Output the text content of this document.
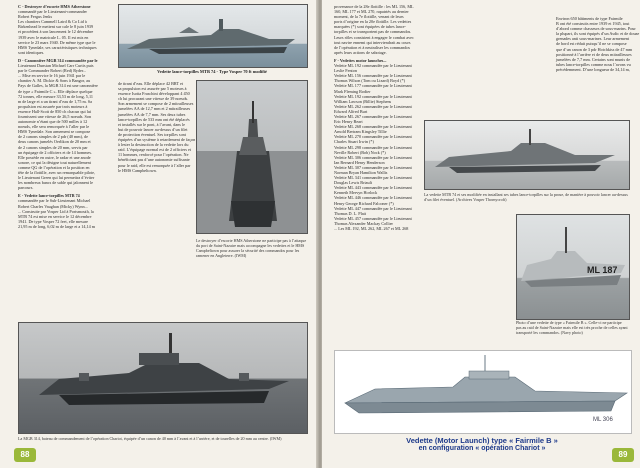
C - Destroyer d’escorte HMS Atherstone
commandé par le Lieutenant-commander
Robert Fergus Jenks
Les chantiers Cammell Laird & Co Ltd à
Birkenhead le mettent sur cale le 8 juin 1939
et procèdent à son lancement le 12 décembre
1939 avec le matricule L. 05. Il est mis en
service le 23 mars 1940. De même type que le
HMS Tynedale, ses caractéristiques techniques
sont identiques.

D - Canonnière MGB 314 commandée par le
Lieutenant Dunstan Michael Carr Curtis puis
par le Commander Robert (Red) Ryder...
... Mise en service le 16 juin 1941 par le
chantier A. M. Dickie & Sons à Bangor, au
Pays de Galles, la MGB 314 est une canonnière
de type « Fairmile C ». Elle déplace quelque
72 tonnes, elle mesure 33,53 m de long, 5,11
m de large et a un tirant d’eau de 1,75 m. Sa
propulsion est assurée par trois moteurs à
essence Hall-Scott de 850 ch chacun qui lui
fournissent une vitesse de 26,5 noeuds. Son
autonomie n’étant que de 500 milles à 12
noeuds, elle sera remorquée à l’aller par le
HMS Tynedale. Son armement se compose
de 2 canons simples de 2 pdr (40 mm), de
deux canons jumelés Oerlikon de 20 mm et
de 2 canons simples de 20 mm, servis par
un équipage de 2 officiers et de 14 hommes.
Elle possède en outre, le radar et une anode
sonore, ce qui la désigne tout naturellement
comme QG de l’opération et la position en
tête de la flottille, avec un remarquable pilote,
le Lieutenant Green qui lui permettra d’éviter
les nombreux bancs de sable qui jalonnent le
parcours.

E - Vedette lance-torpilles MTB 74
commandée par le Sub-Lieutenant Michael
Robert Charles Vaughan (Micky) Wynn...
... Construite par Vosper Ltd à Portsmouth, la
MTB 74 est mise en service le 12 décembre
1941. De type Vosper 72 feet, elle mesure
21,95 m de long, 6,02 m de large et a 14,14 m

Vedette lance-torpilles MTB 74 - Type Vosper 70 ft modifié

de tirant d’eau. Elle déplace 42 BRT et
sa propulsion est assurée par 5 moteurs à
essence Isotta Fraschini développant 4 450
ch lui procurant une vitesse de 39 noeuds.
Son armement se compose de 2 mitrailleuses
jumelées AA de 12,7 mm et 2 mitrailleuses
jumelées AA de 7,7 mm. Ses deux tubes
lance-torpilles de 533 mm ont été déplacés
et installés sur le pont, à l’avant, dans le
but de pouvoir lancer au-dessus d’un filet
de protection éventuel. Ses torpilles sont
équipées d’un système à retardement de façon
à lester la destruction de la vedette lors du
raid. L’équipage normal est de 2 officiers et
11 hommes, renforcé pour l’opération. Ne
bénéficiant pas d’une autonomie suffisante
pour le raid, elle est remorquée à l’aller par
le HMS Campbeltown.

Le destroyer d’escorte HMS Atherstone ne participe pas à l’attaque du port de Saint-Nazaire mais accompagne les vedettes et le HMS Campbeltown pour assurer la sécurité des commandos pour les ramener en Angleterre. (IWM)
La MGB 314, bateau de commandement de l’opération Chariot, équipée d’un canon de 40 mm à l’avant et à l’arrière, et de tourelles de 20 mm au centre. (IWM)
88

provenance de la 28e flottille : les ML 156, ML
160, ML 177 et ML 270, rapatriés au dernier
moment, de la 7e flottille, venant de leurs
ports d’origine en la 20e flottille. Les vedettes
marquées (*) sont équipées de tubes lance-
torpilles et se transportent pas de commandos.
Leurs rôles consistent à engager le combat avec
tout navire ennemi qui interviendrait au cours
de l’opération et à neutraliser les commandos
après leurs actions de sabotage.

F - Vedettes motor launches...
Vedette ML 192 commandée par le Lieutenant
Leslie Fenton
Vedette ML 156 commandée par le Lieutenant
Thomas Wilson (Tom ou Lizard) Boyd (*)
Vedette ML 177 commandée par le Lieutenant
Mark Fleming Rodier
Vedette ML 192 commandée par le Lieutenant
William Lawson (Billie) Stephens
Vedette ML 262 commandée par le Lieutenant
Edward Alfred Burt
Vedette ML 267 commandée par le Lieutenant
Eric Henry Beart
Vedette ML 268 commandée par le Lieutenant
Arnold Bertram Kingsley Tillie
Vedette ML 270 commandée par le Lieutenant
Charles Stuart Irwin (*)
Vedette ML 298 commandée par le Lieutenant
Neville Robert (Bob) Nock (*)
Vedette ML 306 commandée par le Lieutenant
Ian Bernard Henry Henderson
Vedette ML 307 commandée par le Lieutenant
Norman Bryan Hamilton Wallis
Vedette ML 341 commandée par le Lieutenant
Douglas Lewis Briault
Vedette ML 443 commandée par le Lieutenant
Kenneth Mervyn Horlock
Vedette ML 446 commandée par le Lieutenant
Henry George Richard Falconer (*)
Vedette ML 447 commandée par le Lieutenant
Thomas D. L. Platt
Vedette ML 457 commandée par le Lieutenant
Thomas Alexander Mackay Collier
... Les ML 192, ML 262, ML 267 et ML 268

Environ 650 bâtiments de type Fairmile
B ont été construits entre 1939 et 1945, tout
d’abord comme chasseurs de sous-marins. Pour
la plupart, ils sont équipés d’un Asdic et de douze
grenades anti sous-marines. Leur armement
de bord est réduit puisqu’il ne se compose
que d’un canon de 3 pdr Hotchkiss de 47 mm
positionné à l’arrière et de deux mitrailleuses
jumelées de 7,7 mm. Certains sont munis de
tubes lance-torpilles comme nous l’avons vu
précédemment. D’une longueur de 34,14 m,

La vedette MTB 74 et ses modifiée en installant ses tubes lance-torpilles sur la proue, de manière à pouvoir lancer au-dessus d’un filet éventuel. (Archives Vosper Thornycroft)
ML 187
Photo d’une vedette de type « Fairmile B ». Celle-ci ne participe pas au raid de Saint-Nazaire mais elle est très proche de celles ayant transporté les commandos. (Navy photo)
ML 306
Vedette (Motor Launch) type « Fairmile B »
en configuration « opération Chariot »
89
